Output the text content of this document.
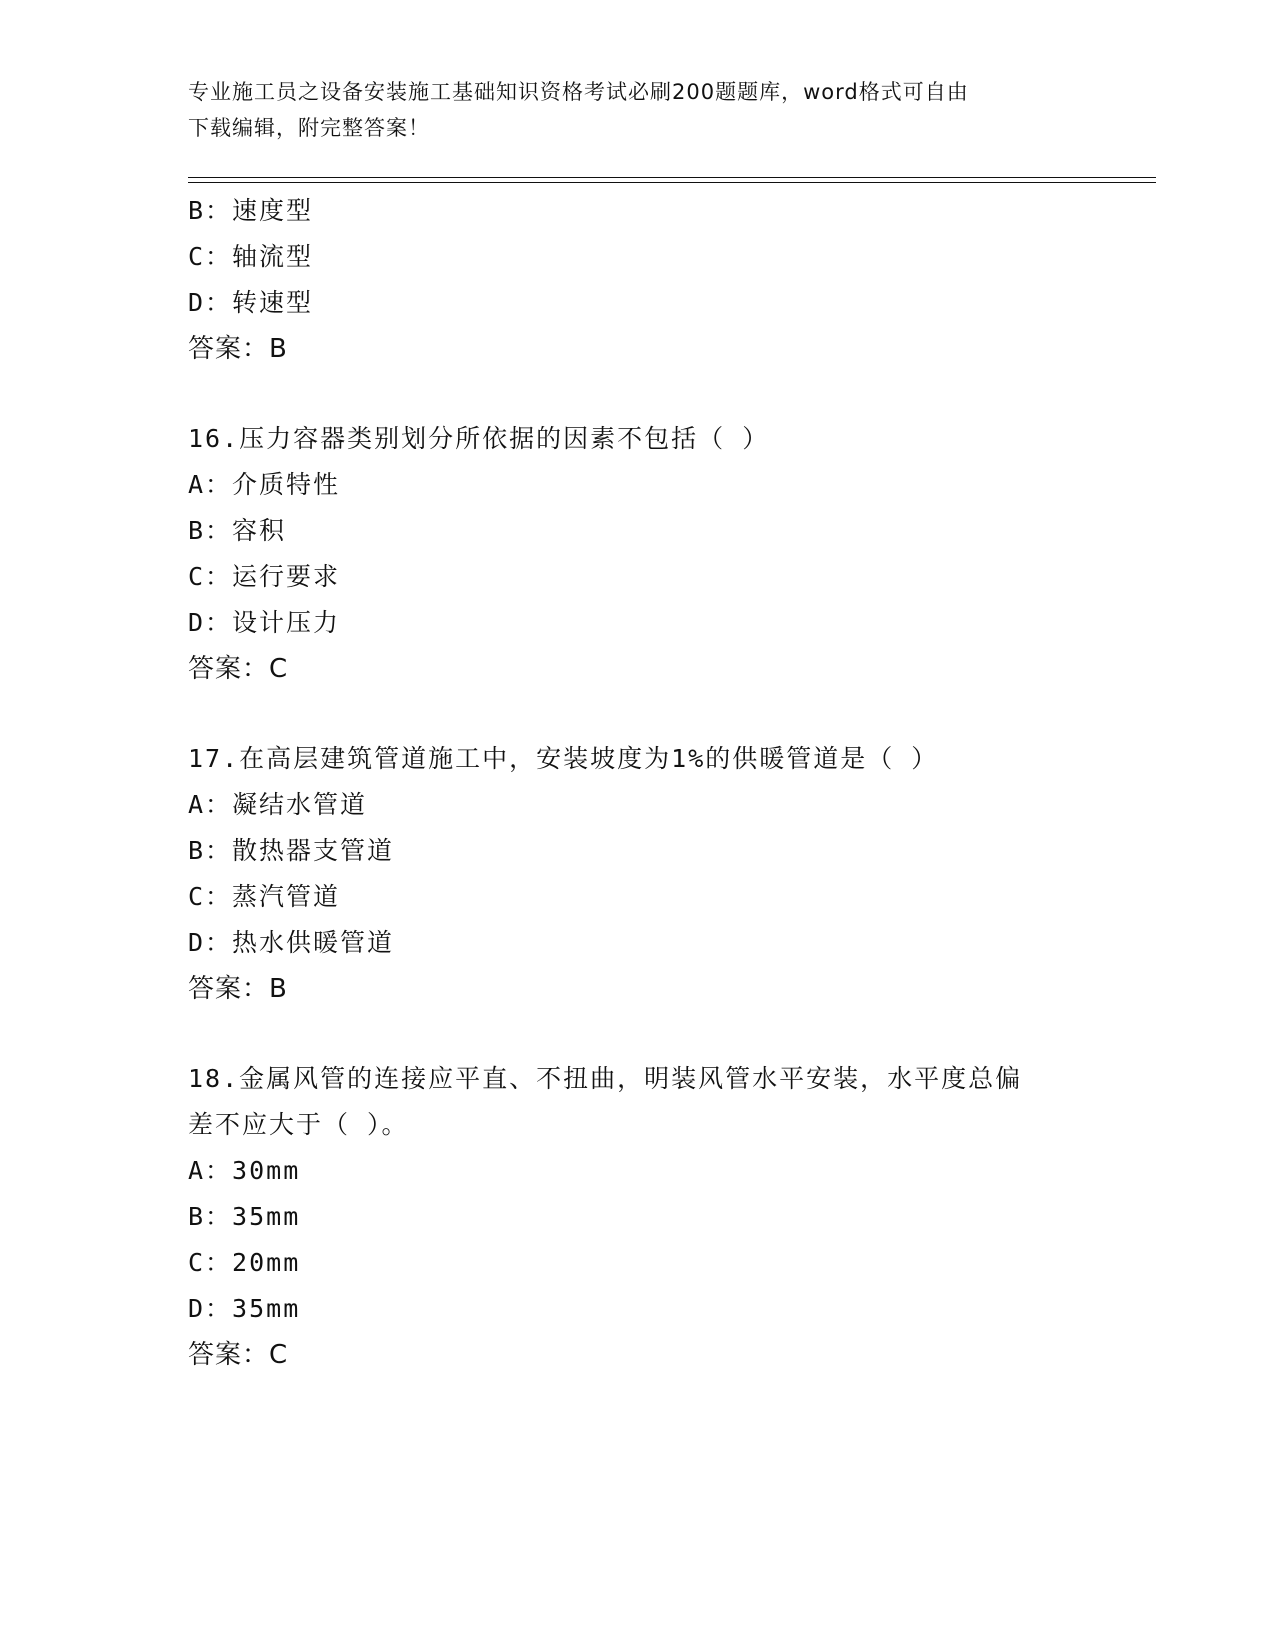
专业施工员之设备安装施工基础知识资格考试必刷200题题库，word格式可自由
下载编辑，附完整答案！
B：速度型
C：轴流型
D：转速型
答案：B
16.压力容器类别划分所依据的因素不包括（ ）
A：介质特性
B：容积
C：运行要求
D：设计压力
答案：C
17.在高层建筑管道施工中，安装坡度为1%的供暖管道是（ ）
A：凝结水管道
B：散热器支管道
C：蒸汽管道
D：热水供暖管道
答案：B
18.金属风管的连接应平直、不扭曲，明装风管水平安装，水平度总偏
差不应大于（ ）。
A：30mm
B：35mm
C：20mm
D：35mm
答案：C
